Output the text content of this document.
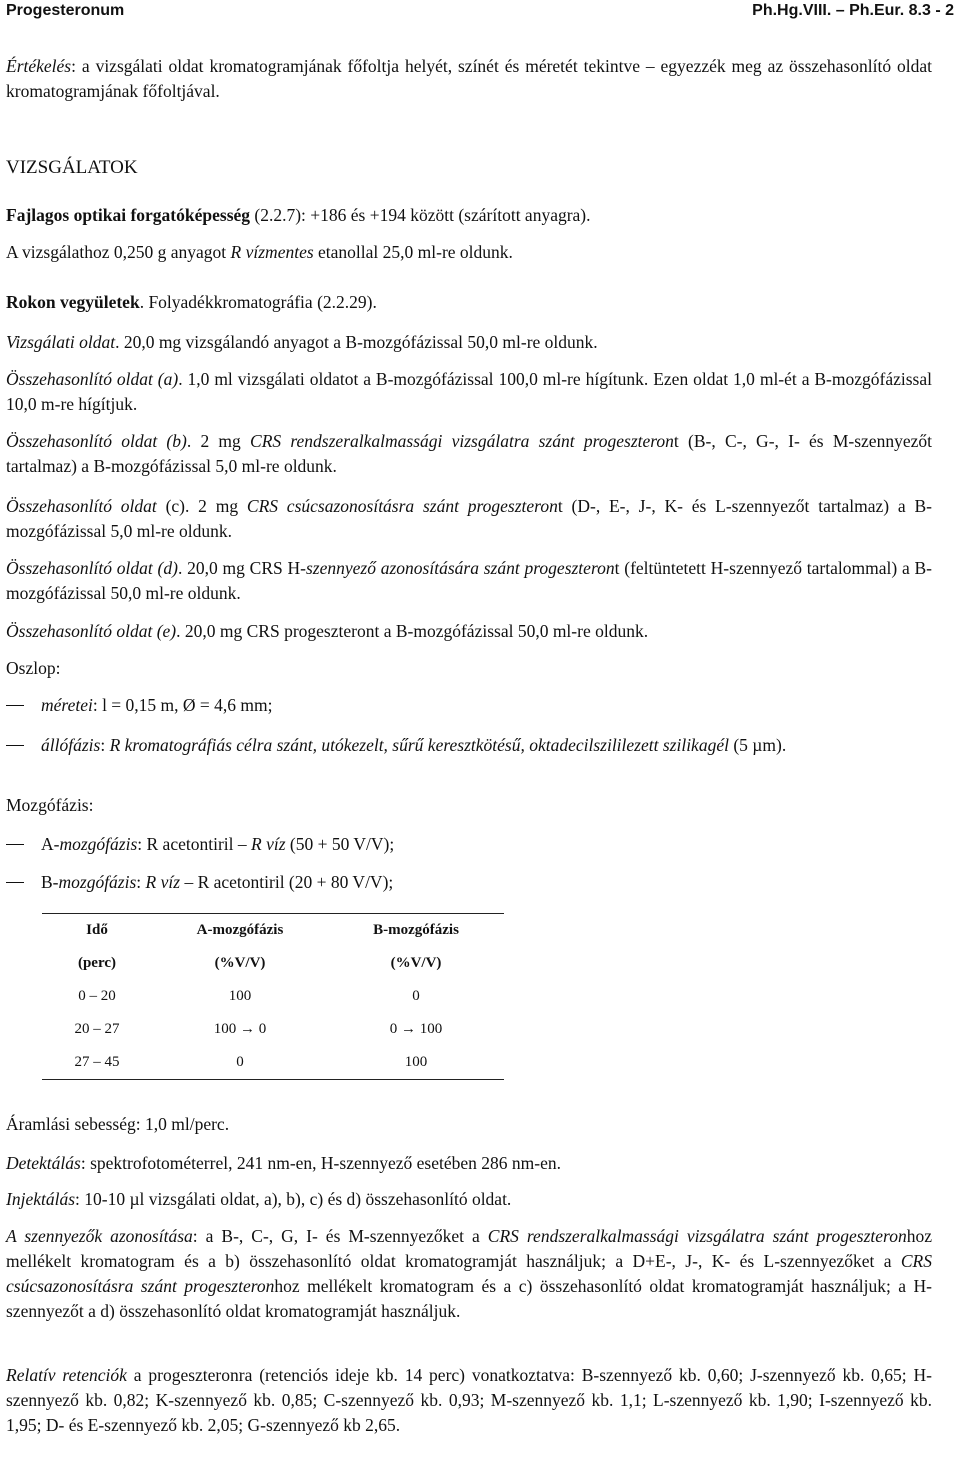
Progesteronum	Ph.Hg.VIII. – Ph.Eur. 8.3 - 2

Értékelés: a vizsgálati oldat kromatogramjának főfoltja helyét, színét és méretét tekintve – egyezzék meg az összehasonlító oldat kromatogramjának főfoltjával.

VIZSGÁLATOK

Fajlagos optikai forgatóképesség (2.2.7): +186 és +194 között (szárított anyagra).

A vizsgálathoz 0,250 g anyagot R vízmentes etanollal 25,0 ml-re oldunk.

Rokon vegyületek. Folyadékkromatográfia (2.2.29).

Vizsgálati oldat. 20,0 mg vizsgálandó anyagot a B-mozgófázissal 50,0 ml-re oldunk.

Összehasonlító oldat (a). 1,0 ml vizsgálati oldatot a B-mozgófázissal 100,0 ml-re hígítunk. Ezen oldat 1,0 ml-ét a B-mozgófázissal 10,0 m-re hígítjuk.

Összehasonlító oldat (b). 2 mg CRS rendszeralkalmassági vizsgálatra szánt progeszteront (B-, C-, G-, I- és M-szennyezőt tartalmaz) a B-mozgófázissal 5,0 ml-re oldunk.

Összehasonlító oldat (c). 2 mg CRS csúcsazonosításra szánt progeszteront (D-, E-, J-, K- és L-szennyezőt tartalmaz) a B-mozgófázissal 5,0 ml-re oldunk.

Összehasonlító oldat (d). 20,0 mg CRS H-szennyező azonosítására szánt progeszteront (feltüntetett H-szennyező tartalommal) a B-mozgófázissal 50,0 ml-re oldunk.

Összehasonlító oldat (e). 20,0 mg CRS progeszteront a B-mozgófázissal 50,0 ml-re oldunk.

Oszlop:

méretei: l = 0,15 m, Ø = 4,6 mm;
állófázis: R kromatográfiás célra szánt, utókezelt, sűrű keresztkötésű, oktadecilszililezett szilikagél (5 µm).

Mozgófázis:

A-mozgófázis: R acetontiril – R víz (50 + 50 V/V);
B-mozgófázis: R víz – R acetontiril (20 + 80 V/V);
Idő	A-mozgófázis	B-mozgófázis
(perc)	(%V/V)	(%V/V)
0 – 20	100	0
20 – 27	100 → 0	0 → 100
27 – 45	0	100

Áramlási sebesség: 1,0 ml/perc.

Detektálás: spektrofotométerrel, 241 nm-en, H-szennyező esetében 286 nm-en.

Injektálás: 10-10 µl vizsgálati oldat, a), b), c) és d) összehasonlító oldat.

A szennyezők azonosítása: a B-, C-, G, I- és M-szennyezőket a CRS rendszeralkalmassági vizsgálatra szánt progeszteronhoz mellékelt kromatogram és a b) összehasonlító oldat kromatogramját használjuk; a D+E-, J-, K- és L-szennyezőket a CRS csúcsazonosításra szánt progeszteronhoz mellékelt kromatogram és a c) összehasonlító oldat kromatogramját használjuk; a H-szennyezőt a d) összehasonlító oldat kromatogramját használjuk.

Relatív retenciók a progeszteronra (retenciós ideje kb. 14 perc) vonatkoztatva: B-szennyező kb. 0,60; J-szennyező kb. 0,65; H-szennyező kb. 0,82; K-szennyező kb. 0,85; C-szennyező kb. 0,93; M-szennyező kb. 1,1; L-szennyező kb. 1,90; I-szennyező kb. 1,95; D- és E-szennyező kb. 2,05; G-szennyező kb 2,65.
